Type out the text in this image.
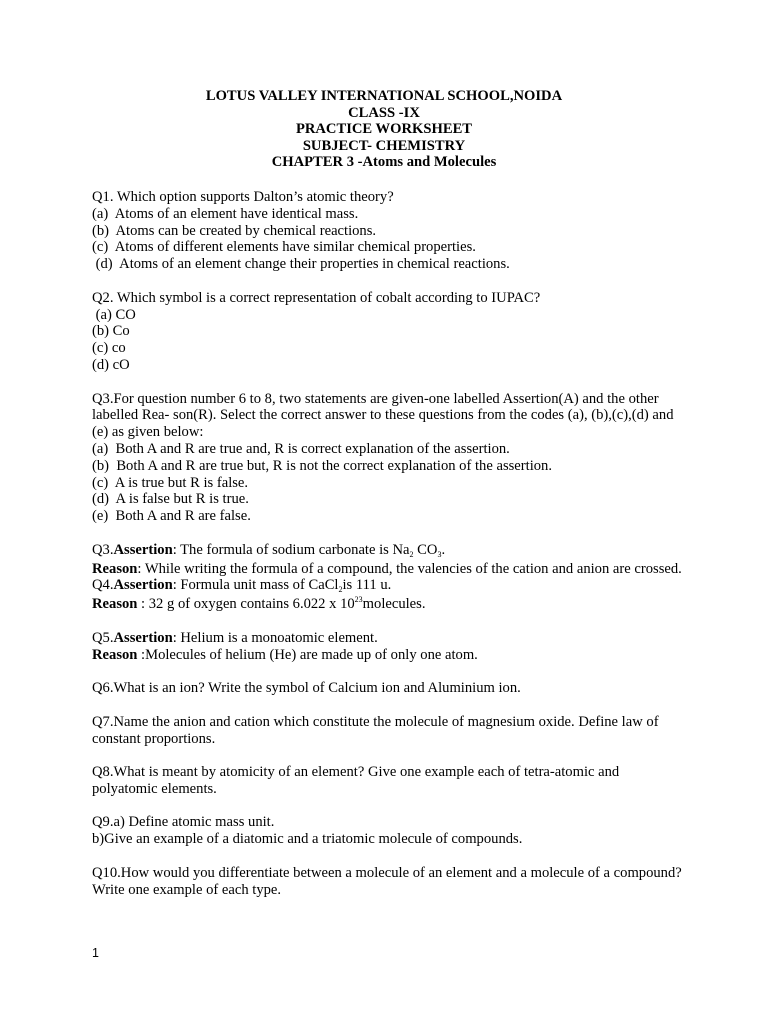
LOTUS VALLEY INTERNATIONAL SCHOOL,NOIDA
CLASS -IX
PRACTICE WORKSHEET
SUBJECT- CHEMISTRY
CHAPTER 3 -Atoms and Molecules
Q1. Which option supports Dalton’s atomic theory?
(a)  Atoms of an element have identical mass.
(b)  Atoms can be created by chemical reactions.
(c)  Atoms of different elements have similar chemical properties.
(d)  Atoms of an element change their properties in chemical reactions.
Q2. Which symbol is a correct representation of cobalt according to IUPAC?
(a) CO
(b) Co
(c) co
(d) cO
Q3.For question number 6 to 8, two statements are given-one labelled Assertion(A) and the other labelled Rea- son(R). Select the correct answer to these questions from the codes (a), (b),(c),(d) and (e) as given below:
(a)  Both A and R are true and, R is correct explanation of the assertion.
(b)  Both A and R are true but, R is not the correct explanation of the assertion.
(c)  A is true but R is false.
(d)  A is false but R is true.
(e)  Both A and R are false.
Q3.Assertion: The formula of sodium carbonate is $Na_2$ $CO_3$.
Reason: While writing the formula of a compound, the valencies of the cation and anion are crossed.
Q4.Assertion: Formula unit mass of CaCl$_2$is 111 u.
Reason : 32 g of oxygen contains 6.022 x $10^{23}molecules$.
Q5.Assertion: Helium is a monoatomic element.
Reason :Molecules of helium (He) are made up of only one atom.
Q6.What is an ion? Write the symbol of Calcium ion and Aluminium ion.
Q7.Name the anion and cation which constitute the molecule of magnesium oxide. Define law of constant proportions.
Q8.What is meant by atomicity of an element? Give one example each of tetra-atomic and polyatomic elements.
Q9.a) Define atomic mass unit.
b)Give an example of a diatomic and a triatomic molecule of compounds.
Q10.How would you differentiate between a molecule of an element and a molecule of a compound? Write one example of each type.
1
